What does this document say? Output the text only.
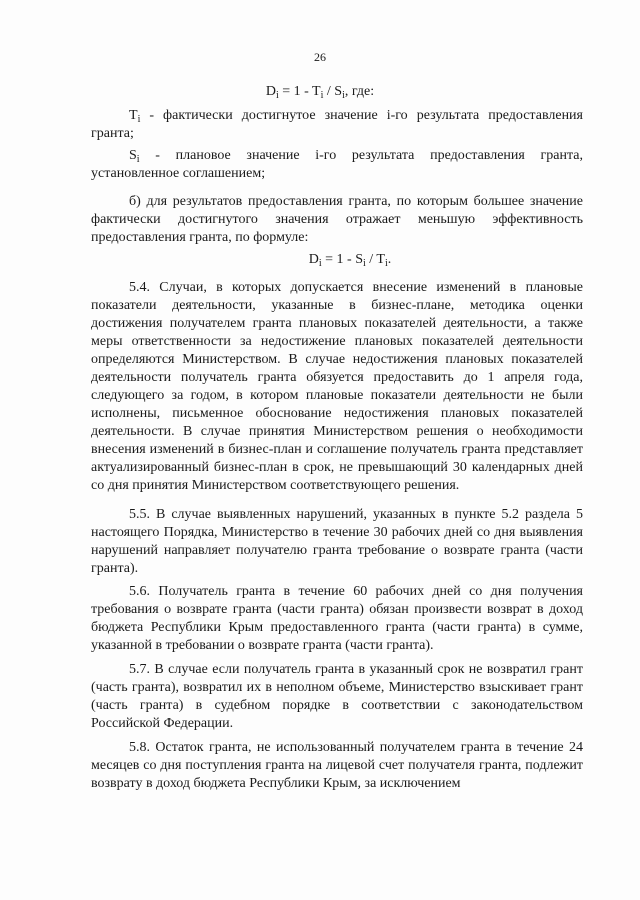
26
$D_i = 1 - T_i / S_i$, где:

$T_i$ - фактически достигнутое значение i-го результата предоставления гранта;

$S_i$ - плановое значение i-го результата предоставления гранта, установленное соглашением;

б) для результатов предоставления гранта, по которым большее значение фактически достигнутого значения отражает меньшую эффективность предоставления гранта, по формуле:

$D_i = 1 - S_i / T_i$.

5.4. Случаи, в которых допускается внесение изменений в плановые показатели деятельности, указанные в бизнес-плане, методика оценки достижения получателем гранта плановых показателей деятельности, а также меры ответственности за недостижение плановых показателей деятельности определяются Министерством. В случае недостижения плановых показателей деятельности получатель гранта обязуется предоставить до 1 апреля года, следующего за годом, в котором плановые показатели деятельности не были исполнены, письменное обоснование недостижения плановых показателей деятельности. В случае принятия Министерством решения о необходимости внесения изменений в бизнес-план и соглашение получатель гранта представляет актуализированный бизнес-план в срок, не превышающий 30 календарных дней со дня принятия Министерством соответствующего решения.

5.5. В случае выявленных нарушений, указанных в пункте 5.2 раздела 5 настоящего Порядка, Министерство в течение 30 рабочих дней со дня выявления нарушений направляет получателю гранта требование о возврате гранта (части гранта).

5.6. Получатель гранта в течение 60 рабочих дней со дня получения требования о возврате гранта (части гранта) обязан произвести возврат в доход бюджета Республики Крым предоставленного гранта (части гранта) в сумме, указанной в требовании о возврате гранта (части гранта).

5.7. В случае если получатель гранта в указанный срок не возвратил грант (часть гранта), возвратил их в неполном объеме, Министерство взыскивает грант (часть гранта) в судебном порядке в соответствии с законодательством Российской Федерации.

5.8. Остаток гранта, не использованный получателем гранта в течение 24 месяцев со дня поступления гранта на лицевой счет получателя гранта, подлежит возврату в доход бюджета Республики Крым, за исключением
